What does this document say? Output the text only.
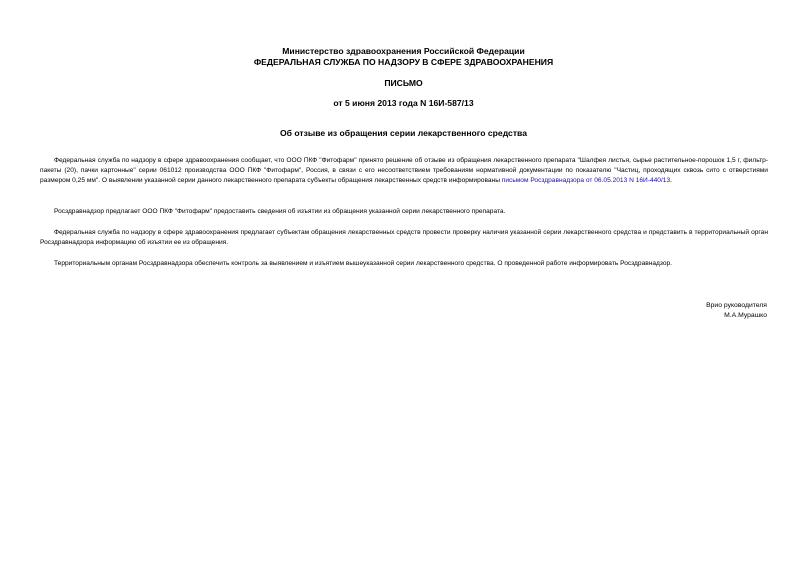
Министерство здравоохранения Российской Федерации
ФЕДЕРАЛЬНАЯ СЛУЖБА ПО НАДЗОРУ В СФЕРЕ ЗДРАВООХРАНЕНИЯ
ПИСЬМО
от 5 июня 2013 года N 16И-587/13
Об отзыве из обращения серии лекарственного средства

Федеральная служба по надзору в сфере здравоохранения сообщает, что ООО ПКФ "Фитофарм" принято решение об отзыве из обращения лекарственного препарата "Шалфея листья, сырье растительное-порошок 1,5 г, фильтр-пакеты (20), пачки картонные" серии 061012 производства ООО ПКФ "Фитофарм", Россия, в связи с его несоответствием требованиям нормативной документации по показателю "Частиц, проходящих сквозь сито с отверстиями размером 0,25 мм". О выявлении указанной серии данного лекарственного препарата субъекты обращения лекарственных средств информированы письмом Росздравнадзора от 06.05.2013 N 16И-440/13.

Росздравнадзор предлагает ООО ПКФ "Фитофарм" предоставить сведения об изъятии из обращения указанной серии лекарственного препарата.

Федеральная служба по надзору в сфере здравоохранения предлагает субъектам обращения лекарственных средств провести проверку наличия указанной серии лекарственного средства и представить в территориальный орган Росздравнадзора информацию об изъятии ее из обращения.

Территориальным органам Росздравнадзора обеспечить контроль за выявлением и изъятием вышеуказанной серии лекарственного средства. О проведенной работе информировать Росздравнадзор.

Врио руководителя
М.А.Мурашко
